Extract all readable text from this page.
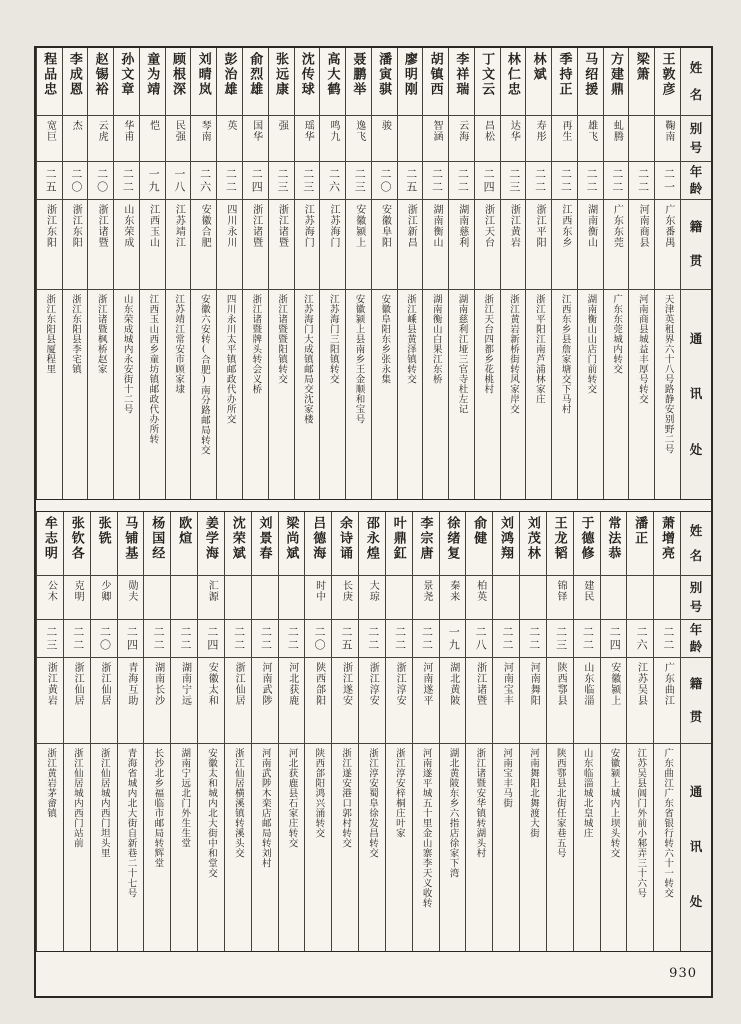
姓
名
别
号
年
龄
籍
贯
通
讯
处
王敦彦
鞠南
二一
广东番禺
天津英租界六十八号路静安别野二号
梁箫
二二
河南商县
河南商县城益丰厚号转交
方建鼎
虬腾
二二
广东东莞
广东东莞城内转交
马绍援
雄飞
二二
湖南衡山
湖南衡山山店门前转交
季持正
再生
二二
江西东乡
江西东乡县詹家塘交下马村
林斌
寿彤
二二
浙江平阳
浙江平阳江南芦浦林家庄
林仁忠
达华
二三
浙江黄岩
浙江黄岩新桥街转风家岸交
丁文云
昌松
二四
浙江天台
浙江天台四都乡花桃村
李祥瑞
云海
二二
湖南慈利
湖南慈利江垭三官寺杜左记
胡镇西
智涵
二二
湖南衡山
湖南衡山白果江东桥
廖明刚
二五
浙江新昌
浙江嵊县黄泽镇转交
潘寅骐
骏
二〇
安徽阜阳
安徽阜阳东乡张永集
聂鹏举
逸飞
二三
安徽颍上
安徽颍上县南乡王金顺和宝号
高大鹤
鸣九
二六
江苏海门
江苏海门三阳镇转交
沈传球
瑶华
二三
江苏海门
江苏海门大成镇邮局交沈家楼
张远康
强
二三
浙江诸暨
浙江诸暨暨阳镇转交
俞烈雄
国华
二四
浙江诸暨
浙江诸暨牌头转会义桥
彭治雄
英
二二
四川永川
四川永川太平镇邮政代办所交
刘晴岚
琴南
二六
安徽合肥
安徽六安转(合肥)南分路邮局转交
顾根深
民强
一八
江苏靖江
江苏靖江常安市顾家埭
童为靖
恺
一九
江西玉山
江西玉山西乡童坊镇邮政代办所转
孙文章
华甫
二二
山东荣成
山东荣成城内永安街十二号
赵锡裕
云虎
二〇
浙江诸暨
浙江诸暨枫桥赵家
李成恩
杰
二〇
浙江东阳
浙江东阳县李宅镇
程品忠
宽巨
二五
浙江东阳
浙江东阳县厦程里
姓
名
别
号
年
龄
籍
贯
通
讯
处
萧增亮
二二
广东曲江
广东曲江广东省银行转六十一转交
潘正
二六
江苏吴县
江苏吴县阊门外前小邾弄三十六号
常法恭
二四
安徽颍上
安徽颍上城内上坝头转交
于德修
建民
二二
山东临淄
山东临淄城北皇城庄
王龙韬
锦铎
二三
陕西鄠县
陕西鄠县北街任家巷五号
刘茂林
二二
河南舞阳
河南舞阳北舞渡大街
刘鸿翔
二二
河南宝丰
河南宝丰马街
俞健
柏英
二八
浙江诸暨
浙江诸暨安华镇转湖头村
徐绪复
秦来
一九
湖北黄陂
湖北黄陂东乡六指店徐家下湾
李宗唐
景尧
二二
河南遂平
河南遂平城五十里金山寨李天义收转
叶鼎釭
二二
浙江淳安
浙江淳安梓桐庄叶家
邵永煌
大琼
二二
浙江淳安
浙江淳安蜀阜徐发昌转交
余诗诵
长庚
二五
浙江遂安
浙江遂安港口郭村转交
吕德海
时中
二〇
陕西郃阳
陕西郃阳鸿兴涌转交
梁尚斌
二二
河北获鹿
河北获鹿县石家庄转交
刘景春
二二
河南武陟
河南武陟木栾店邮局转刘村
沈荣斌
二二
浙江仙居
浙江仙居横溪镇转溪头交
姜学海
汇源
二四
安徽太和
安徽太和城内北大街中和堂交
欧煊
二二
湖南宁远
湖南宁远北门外生生堂
杨国经
二二
湖南长沙
长沙北乡福临市邮局转辉堂
马铺基
勋夫
二四
青海互助
青海省城内北大街自新巷二十七号
张铣
少卿
二〇
浙江仙居
浙江仙居城内西门坦头里
张钦各
克明
二二
浙江仙居
浙江仙居城内西门站前
牟志明
公木
二三
浙江黄岩
浙江黄岩茅畲镇
930
